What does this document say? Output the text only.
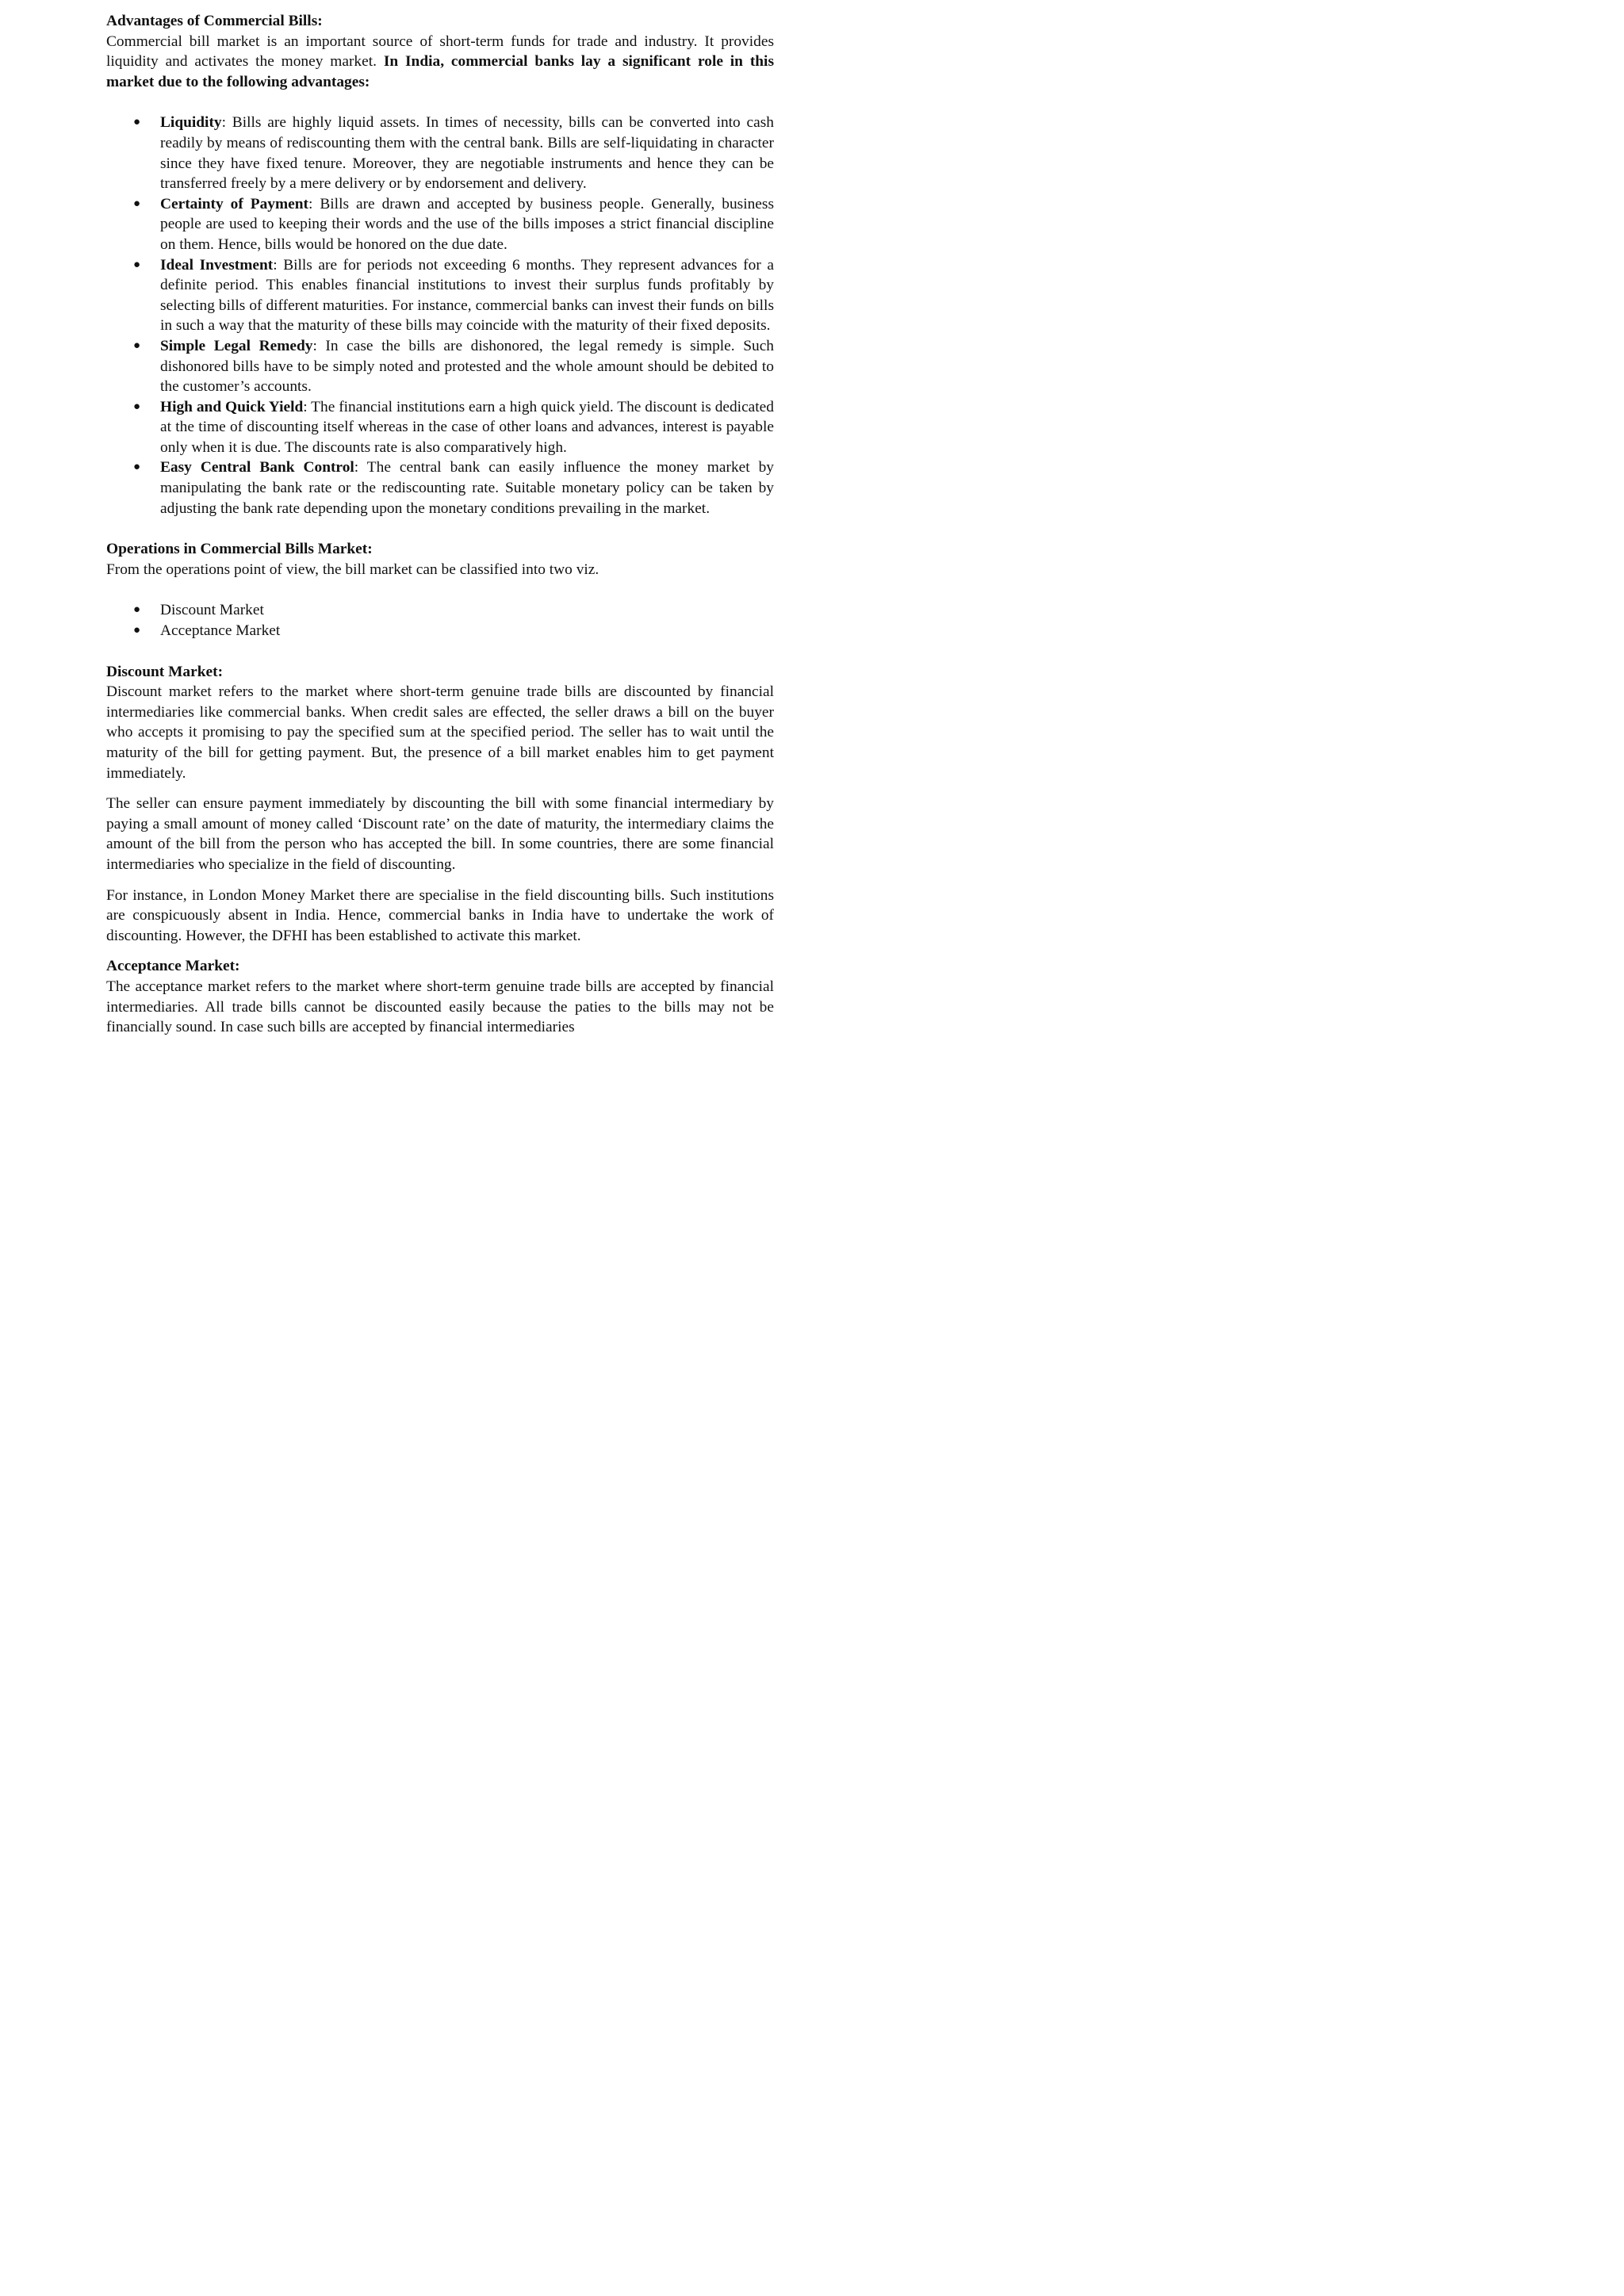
Advantages of Commercial Bills:

Commercial bill market is an important source of short-term funds for trade and industry. It provides liquidity and activates the money market. In India, commercial banks lay a significant role in this market due to the following advantages:

● Liquidity: Bills are highly liquid assets. In times of necessity, bills can be converted into cash readily by means of rediscounting them with the central bank. Bills are self-liquidating in character since they have fixed tenure. Moreover, they are negotiable instruments and hence they can be transferred freely by a mere delivery or by endorsement and delivery.
● Certainty of Payment: Bills are drawn and accepted by business people. Generally, business people are used to keeping their words and the use of the bills imposes a strict financial discipline on them. Hence, bills would be honored on the due date.
● Ideal Investment: Bills are for periods not exceeding 6 months. They represent advances for a definite period. This enables financial institutions to invest their surplus funds profitably by selecting bills of different maturities. For instance, commercial banks can invest their funds on bills in such a way that the maturity of these bills may coincide with the maturity of their fixed deposits.
● Simple Legal Remedy: In case the bills are dishonored, the legal remedy is simple. Such dishonored bills have to be simply noted and protested and the whole amount should be debited to the customer’s accounts.
● High and Quick Yield: The financial institutions earn a high quick yield. The discount is dedicated at the time of discounting itself whereas in the case of other loans and advances, interest is payable only when it is due. The discounts rate is also comparatively high.
● Easy Central Bank Control: The central bank can easily influence the money market by manipulating the bank rate or the rediscounting rate. Suitable monetary policy can be taken by adjusting the bank rate depending upon the monetary conditions prevailing in the market.
Operations in Commercial Bills Market:

From the operations point of view, the bill market can be classified into two viz.

● Discount Market
● Acceptance Market
Discount Market:

Discount market refers to the market where short-term genuine trade bills are discounted by financial intermediaries like commercial banks. When credit sales are effected, the seller draws a bill on the buyer who accepts it promising to pay the specified sum at the specified period. The seller has to wait until the maturity of the bill for getting payment. But, the presence of a bill market enables him to get payment immediately.

The seller can ensure payment immediately by discounting the bill with some financial intermediary by paying a small amount of money called ‘Discount rate’ on the date of maturity, the intermediary claims the amount of the bill from the person who has accepted the bill. In some countries, there are some financial intermediaries who specialize in the field of discounting.

For instance, in London Money Market there are specialise in the field discounting bills. Such institutions are conspicuously absent in India. Hence, commercial banks in India have to undertake the work of discounting. However, the DFHI has been established to activate this market.

Acceptance Market:

The acceptance market refers to the market where short-term genuine trade bills are accepted by financial intermediaries. All trade bills cannot be discounted easily because the paties to the bills may not be financially sound. In case such bills are accepted by financial intermediaries
